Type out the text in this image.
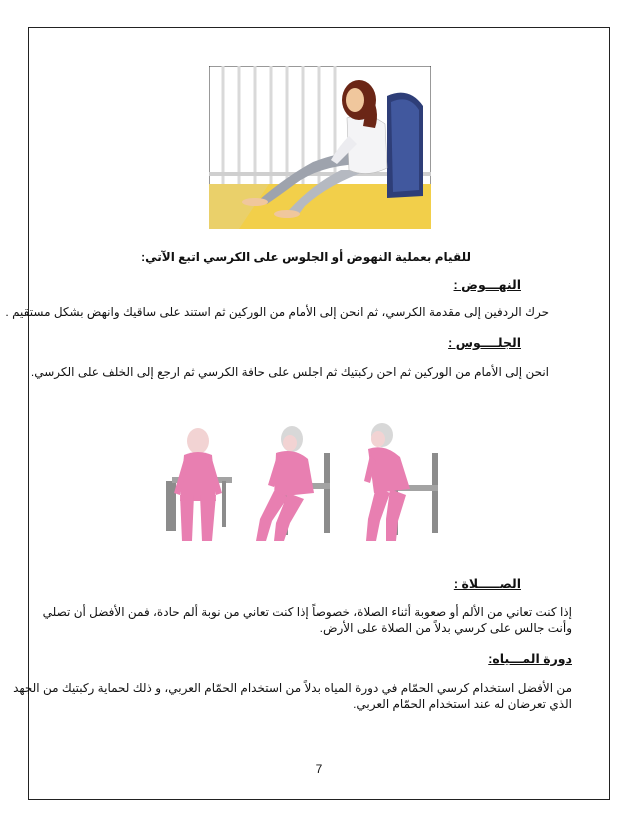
للقيام بعملية النهوض أو الجلوس على الكرسي اتبع الآتي:
النهـــوض :
حرك الردفين إلى مقدمة الكرسي، ثم انحن إلى الأمام من الوركين ثم استند على ساقيك وانهض بشكل مستقيم .
الجلــــوس :
انحن إلى الأمام من الوركين ثم احن ركبتيك ثم اجلس على حافة الكرسي ثم ارجع إلى الخلف على الكرسي.
الصـــــلاة :
إذا كنت تعاني من الألم أو صعوبة أثناء الصلاة، خصوصاً إذا كنت تعاني من نوبة ألم حادة، فمن الأفضل أن تصلي
وأنت جالس على كرسي بدلاً من الصلاة على الأرض.
دورة المـــياه:
من الأفضل استخدام كرسي الحمّام في دورة المياه بدلاً من استخدام الحمّام العربي، و ذلك لحماية ركبتيك من الجهد
الذي تعرضان له عند استخدام الحمّام العربي.
7
